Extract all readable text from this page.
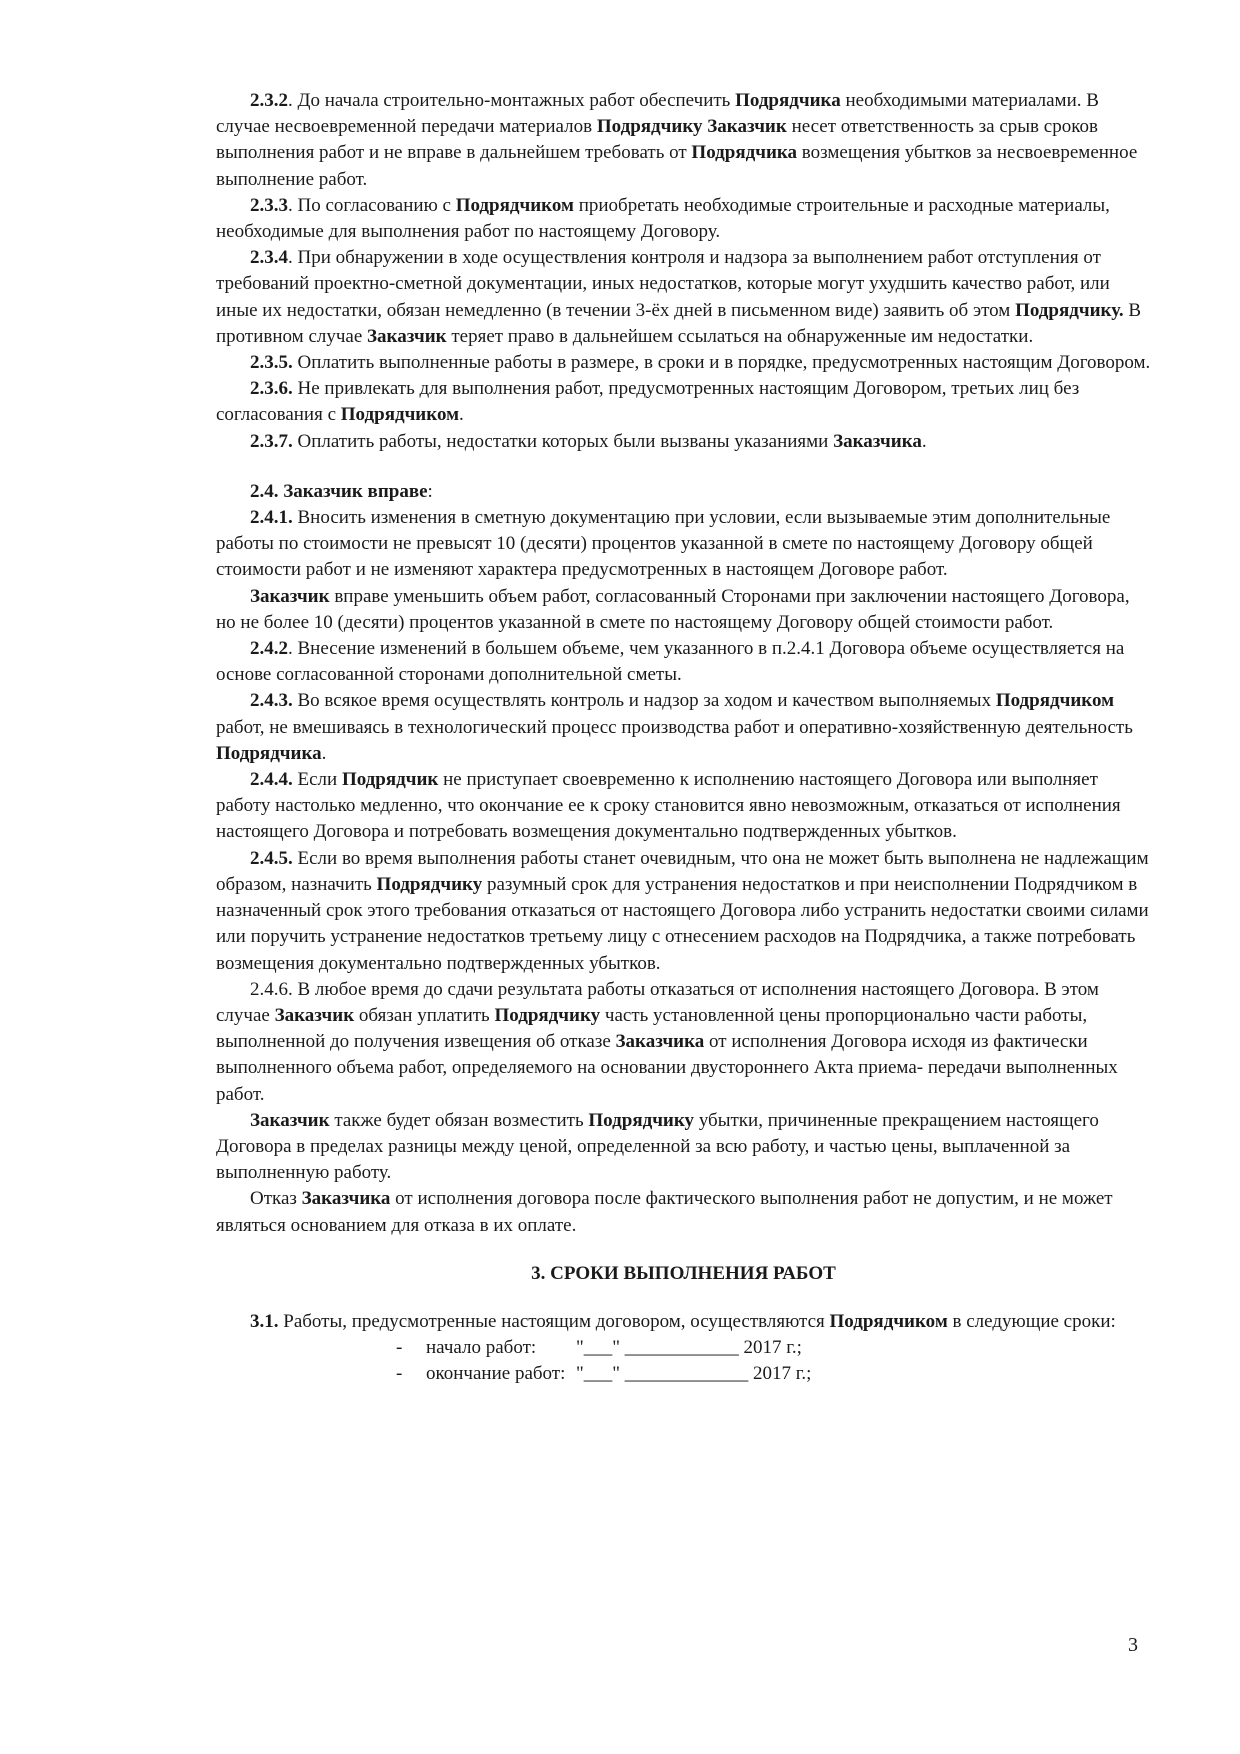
2.3.2. До начала строительно-монтажных работ обеспечить Подрядчика необходимыми материалами. В случае несвоевременной передачи материалов Подрядчику Заказчик несет ответственность за срыв сроков выполнения работ и не вправе в дальнейшем требовать от Подрядчика возмещения убытков за несвоевременное выполнение работ.

2.3.3. По согласованию с Подрядчиком приобретать необходимые строительные и расходные материалы, необходимые для выполнения работ по настоящему Договору.

2.3.4. При обнаружении в ходе осуществления контроля и надзора за выполнением работ отступления от требований проектно-сметной документации, иных недостатков, которые могут ухудшить качество работ, или иные их недостатки, обязан немедленно (в течении 3-ёх дней в письменном виде) заявить об этом Подрядчику. В противном случае Заказчик теряет право в дальнейшем ссылаться на обнаруженные им недостатки.

2.3.5. Оплатить выполненные работы в размере, в сроки и в порядке, предусмотренных настоящим Договором.

2.3.6. Не привлекать для выполнения работ, предусмотренных настоящим Договором, третьих лиц без согласования с Подрядчиком.

2.3.7. Оплатить работы, недостатки которых были вызваны указаниями Заказчика.

2.4. Заказчик вправе:

2.4.1. Вносить изменения в сметную документацию при условии, если вызываемые этим дополнительные работы по стоимости не превысят 10 (десяти) процентов указанной в смете по настоящему Договору общей стоимости работ и не изменяют характера предусмотренных в настоящем Договоре работ.

Заказчик вправе уменьшить объем работ, согласованный Сторонами при заключении настоящего Договора, но не более 10 (десяти) процентов указанной в смете по настоящему Договору общей стоимости работ.

2.4.2. Внесение изменений в большем объеме, чем указанного в п.2.4.1 Договора объеме осуществляется на основе согласованной сторонами дополнительной сметы.

2.4.3. Во всякое время осуществлять контроль и надзор за ходом и качеством выполняемых Подрядчиком работ, не вмешиваясь в технологический процесс производства работ и оперативно-хозяйственную деятельность Подрядчика.

2.4.4. Если Подрядчик не приступает своевременно к исполнению настоящего Договора или выполняет работу настолько медленно, что окончание ее к сроку становится явно невозможным, отказаться от исполнения настоящего Договора и потребовать возмещения документально подтвержденных убытков.

2.4.5. Если во время выполнения работы станет очевидным, что она не может быть выполнена не надлежащим образом, назначить Подрядчику разумный срок для устранения недостатков и при неисполнении Подрядчиком в назначенный срок этого требования отказаться от настоящего Договора либо устранить недостатки своими силами или поручить устранение недостатков третьему лицу с отнесением расходов на Подрядчика, а также потребовать возмещения документально подтвержденных убытков.

2.4.6. В любое время до сдачи результата работы отказаться от исполнения настоящего Договора. В этом случае Заказчик обязан уплатить Подрядчику часть установленной цены пропорционально части работы, выполненной до получения извещения об отказе Заказчика от исполнения Договора исходя из фактически выполненного объема работ, определяемого на основании двустороннего Акта приема- передачи выполненных работ.

Заказчик также будет обязан возместить Подрядчику убытки, причиненные прекращением настоящего Договора в пределах разницы между ценой, определенной за всю работу, и частью цены, выплаченной за выполненную работу.

Отказ Заказчика от исполнения договора после фактического выполнения работ не допустим, и не может являться основанием для отказа в их оплате.

3. СРОКИ ВЫПОЛНЕНИЯ РАБОТ

3.1. Работы, предусмотренные настоящим договором, осуществляются Подрядчиком в следующие сроки:

-	начало работ:	"___" ____________ 2017 г.;
-	окончание работ: "___" _____________ 2017 г.;
3
